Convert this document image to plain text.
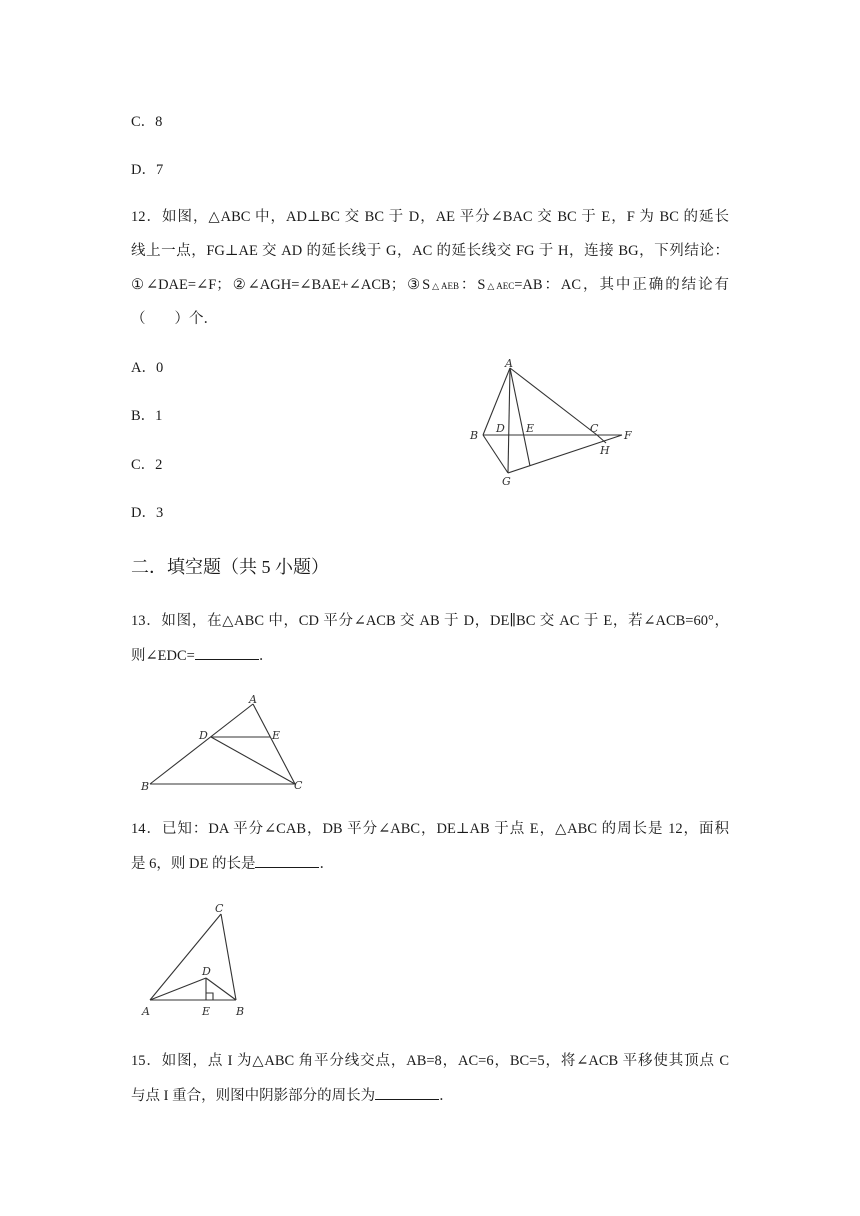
C．8
D．7
12．如图，△ABC 中，AD⊥BC 交 BC 于 D，AE 平分∠BAC 交 BC 于 E，F 为 BC 的延长
线上一点，FG⊥AE 交 AD 的延长线于 G，AC 的延长线交 FG 于 H，连接 BG，下列结论：
①∠DAE=∠F；②∠AGH=∠BAE+∠ACB；③S△AEB：S△AEC=AB：AC，其中正确的结论有
（　　）个．
A．0
B．1
C．2
D．3
A
B
D E	C
F
H
G
二．填空题（共 5 小题）
13．如图，在△ABC 中，CD 平分∠ACB 交 AB 于 D，DE∥BC 交 AC 于 E，若∠ACB=60°，
则∠EDC=	．
A
D	E
B	C
14．已知：DA 平分∠CAB，DB 平分∠ABC，DE⊥AB 于点 E，△ABC 的周长是 12，面积
是 6，则 DE 的长是	．
C
D
A	E B
15．如图，点 I 为△ABC 角平分线交点，AB=8，AC=6，BC=5，将∠ACB 平移使其顶点 C
与点 I 重合，则图中阴影部分的周长为	．
